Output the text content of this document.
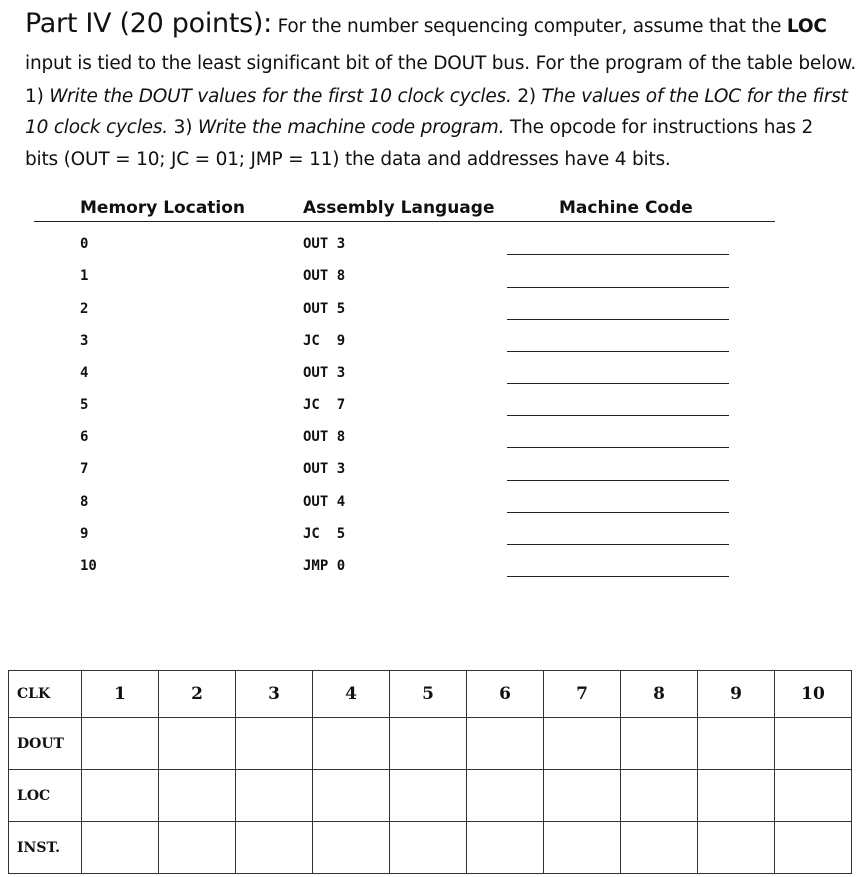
Part IV (20 points): For the number sequencing computer, assume that the LOC
input is tied to the least significant bit of the DOUT bus. For the program of the table below.
1) Write the DOUT values for the first 10 clock cycles. 2) The values of the LOC for the first
10 clock cycles. 3) Write the machine code program. The opcode for instructions has 2
bits (OUT = 10; JC = 01; JMP = 11) the data and addresses have 4 bits.
Memory Location	Assembly Language	Machine Code
0	OUT 3
1	OUT 8
2	OUT 5
3	JC  9
4	OUT 3
5	JC  7
6	OUT 8
7	OUT 3
8	OUT 4
9	JC  5
10	JMP 0
CLK	1	2	3	4	5	6	7	8	9	10
DOUT										
LOC										
INST.										
